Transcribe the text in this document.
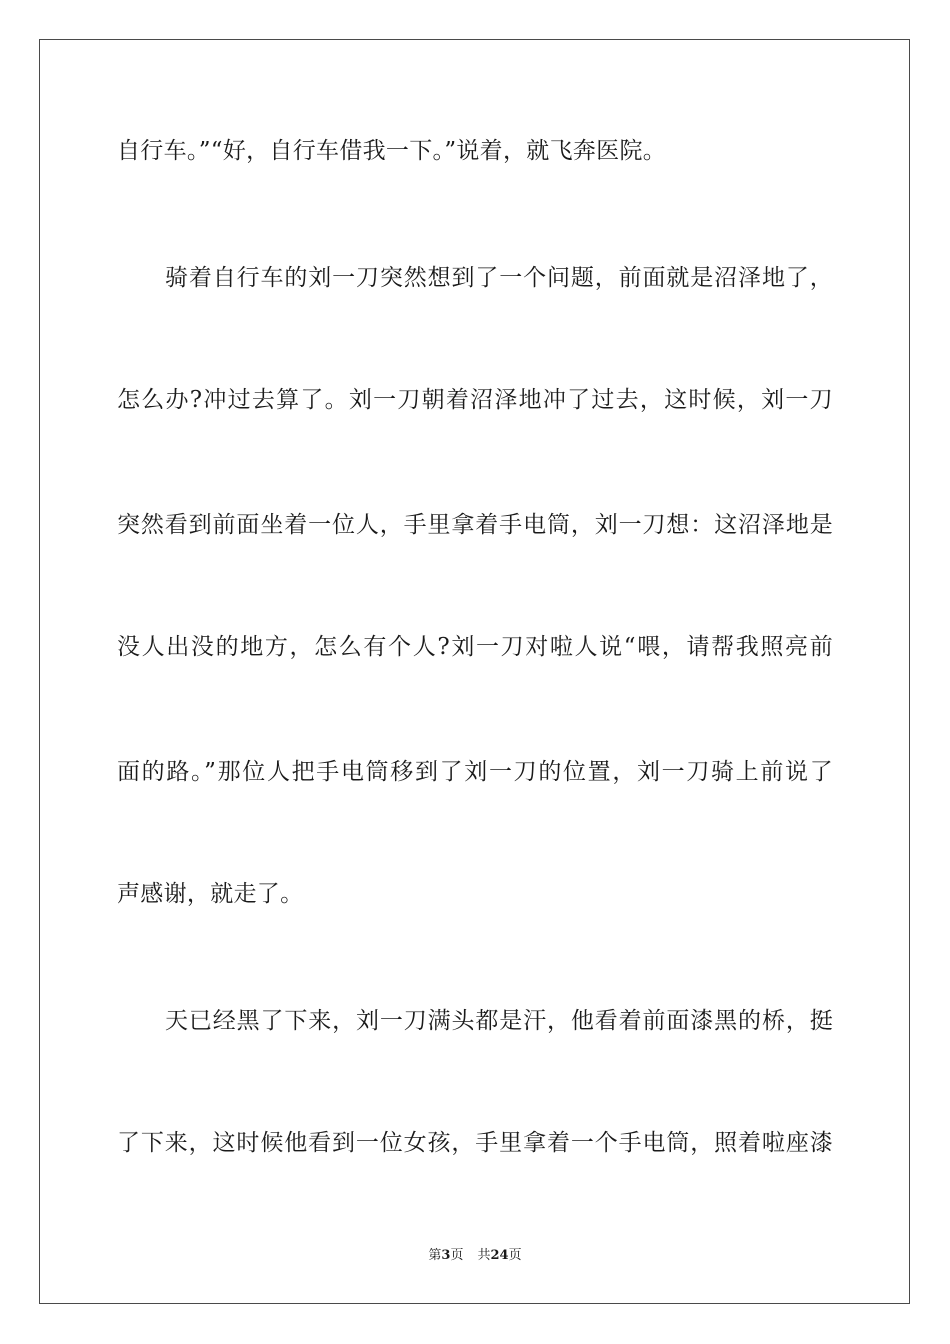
自行车。”“好，自行车借我一下。”说着，就飞奔医院。
骑着自行车的刘一刀突然想到了一个问题，前面就是沼泽地了，
怎么办?冲过去算了。刘一刀朝着沼泽地冲了过去，这时候，刘一刀
突然看到前面坐着一位人，手里拿着手电筒，刘一刀想：这沼泽地是
没人出没的地方，怎么有个人?刘一刀对啦人说“喂，请帮我照亮前
面的路。”那位人把手电筒移到了刘一刀的位置，刘一刀骑上前说了
声感谢，就走了。
天已经黑了下来，刘一刀满头都是汗，他看着前面漆黑的桥，挺
了下来，这时候他看到一位女孩，手里拿着一个手电筒，照着啦座漆
第3页 共24页
